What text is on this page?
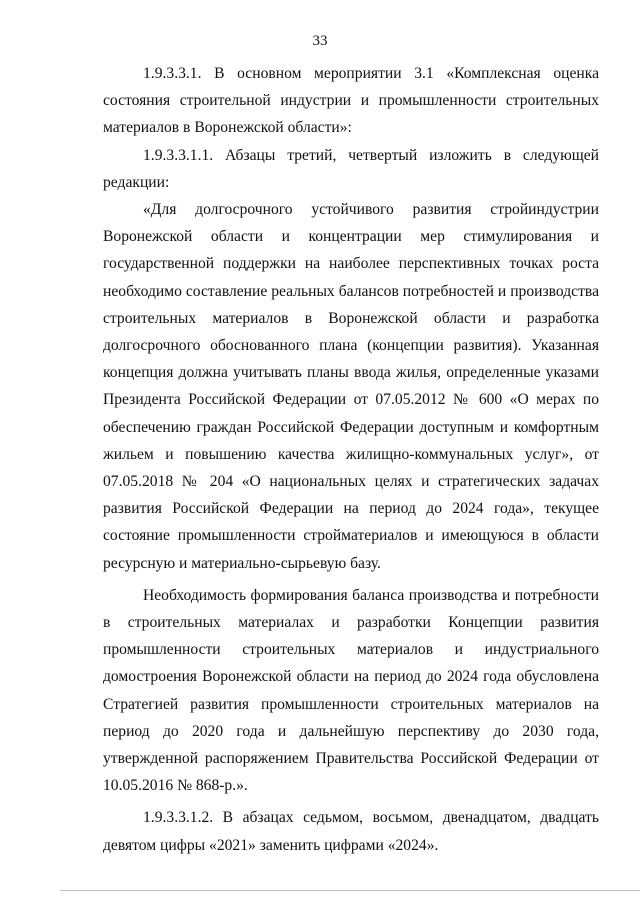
33

1.9.3.3.1. В основном мероприятии 3.1 «Комплексная оценка состояния строительной индустрии и промышленности строительных материалов в Воронежской области»:

1.9.3.3.1.1. Абзацы третий, четвертый изложить в следующей редакции:

«Для долгосрочного устойчивого развития стройиндустрии Воронежской области и концентрации мер стимулирования и государственной поддержки на наиболее перспективных точках роста необходимо составление реальных балансов потребностей и производства строительных материалов в Воронежской области и разработка долгосрочного обоснованного плана (концепции развития). Указанная концепция должна учитывать планы ввода жилья, определенные указами Президента Российской Федерации от 07.05.2012 № 600 «О мерах по обеспечению граждан Российской Федерации доступным и комфортным жильем и повышению качества жилищно-коммунальных услуг», от 07.05.2018 № 204 «О национальных целях и стратегических задачах развития Российской Федерации на период до 2024 года», текущее состояние промышленности стройматериалов и имеющуюся в области ресурсную и материально-сырьевую базу.

Необходимость формирования баланса производства и потребности в строительных материалах и разработки Концепции развития промышленности строительных материалов и индустриального домостроения Воронежской области на период до 2024 года обусловлена Стратегией развития промышленности строительных материалов на период до 2020 года и дальнейшую перспективу до 2030 года, утвержденной распоряжением Правительства Российской Федерации от 10.05.2016 № 868-р.».

1.9.3.3.1.2. В абзацах седьмом, восьмом, двенадцатом, двадцать девятом цифры «2021» заменить цифрами «2024».
